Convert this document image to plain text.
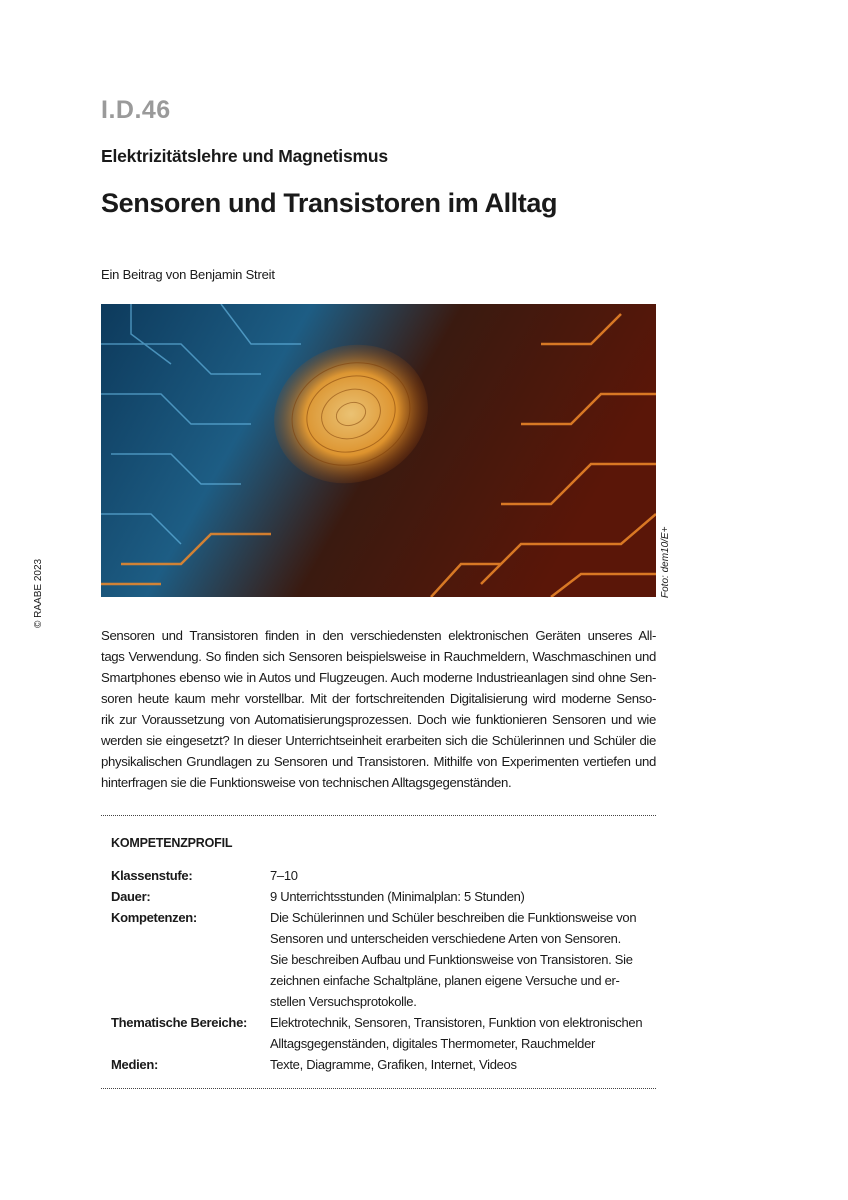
I.D.46
Elektrizitätslehre und Magnetismus
Sensoren und Transistoren im Alltag
Ein Beitrag von Benjamin Streit
Foto: dem10/E+
© RAABE 2023
Sensoren und Transistoren finden in den verschiedensten elektronischen Geräten unseres All-
tags Verwendung. So finden sich Sensoren beispielsweise in Rauchmeldern, Waschmaschinen und
Smartphones ebenso wie in Autos und Flugzeugen. Auch moderne Industrieanlagen sind ohne Sen-
soren heute kaum mehr vorstellbar. Mit der fortschreitenden Digitalisierung wird moderne Senso-
rik zur Voraussetzung von Automatisierungsprozessen. Doch wie funktionieren Sensoren und wie
werden sie eingesetzt? In dieser Unterrichtseinheit erarbeiten sich die Schülerinnen und Schüler die
physikalischen Grundlagen zu Sensoren und Transistoren. Mithilfe von Experimenten vertiefen und
hinterfragen sie die Funktionsweise von technischen Alltagsgegenständen.
KOMPETENZPROFIL
Klassenstufe:	7–10
Dauer:	9 Unterrichtsstunden (Minimalplan: 5 Stunden)
Kompetenzen:	Die Schülerinnen und Schüler beschreiben die Funktionsweise von
Sensoren und unterscheiden verschiedene Arten von Sensoren.
Sie beschreiben Aufbau und Funktionsweise von Transistoren. Sie
zeichnen einfache Schaltpläne, planen eigene Versuche und er-
stellen Versuchsprotokolle.
Thematische Bereiche:	Elektrotechnik, Sensoren, Transistoren, Funktion von elektronischen
Alltagsgegenständen, digitales Thermometer, Rauchmelder
Medien:	Texte, Diagramme, Grafiken, Internet, Videos
